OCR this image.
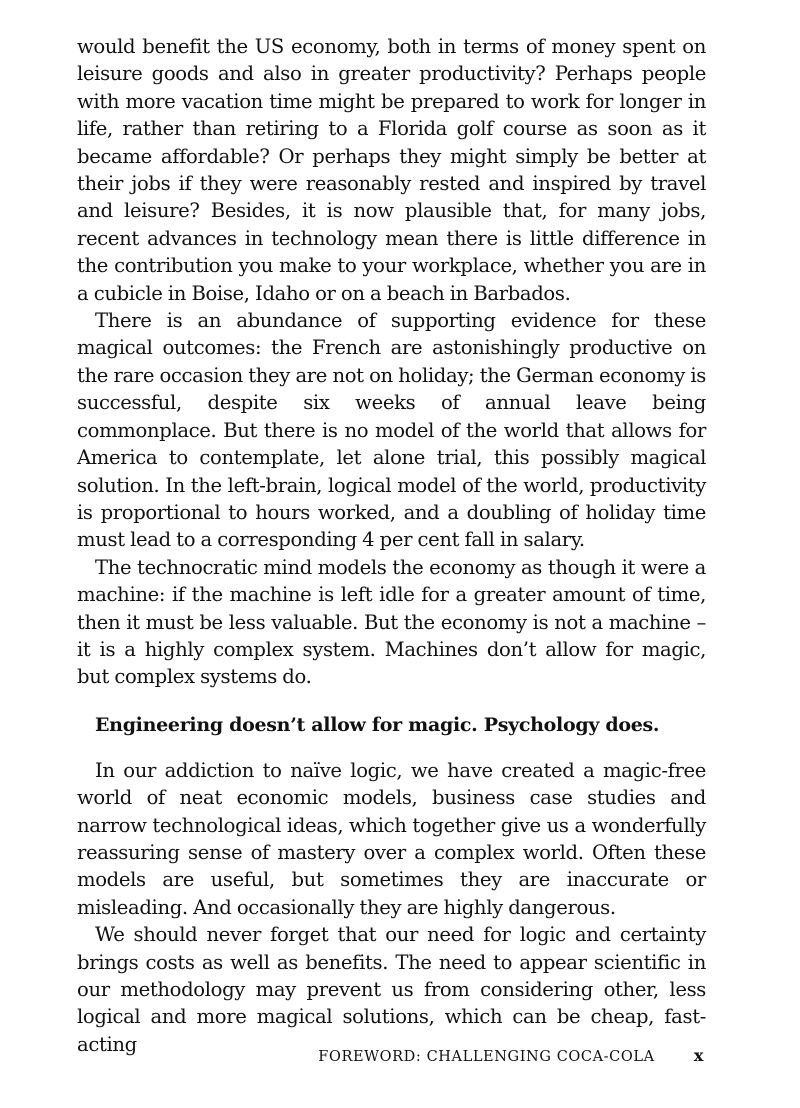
would benefit the US economy, both in terms of money spent on leisure goods and also in greater productivity? Perhaps people with more vacation time might be prepared to work for longer in life, rather than retiring to a Florida golf course as soon as it became affordable? Or perhaps they might simply be better at their jobs if they were reasonably rested and inspired by travel and leisure? Besides, it is now plausible that, for many jobs, recent advances in technology mean there is little difference in the contribution you make to your workplace, whether you are in a cubicle in Boise, Idaho or on a beach in Barbados.

There is an abundance of supporting evidence for these magical outcomes: the French are astonishingly productive on the rare occasion they are not on holiday; the German economy is successful, despite six weeks of annual leave being commonplace. But there is no model of the world that allows for America to contemplate, let alone trial, this possibly magical solution. In the left-brain, logical model of the world, productivity is proportional to hours worked, and a doubling of holiday time must lead to a corresponding 4 per cent fall in salary.

The technocratic mind models the economy as though it were a machine: if the machine is left idle for a greater amount of time, then it must be less valuable. But the economy is not a machine – it is a highly complex system. Machines don’t allow for magic, but complex systems do.

Engineering doesn’t allow for magic. Psychology does.

In our addiction to naïve logic, we have created a magic-free world of neat economic models, business case studies and narrow technological ideas, which together give us a wonderfully reassuring sense of mastery over a complex world. Often these models are useful, but sometimes they are inaccurate or misleading. And occasionally they are highly dangerous.

We should never forget that our need for logic and certainty brings costs as well as benefits. The need to appear scientific in our methodology may prevent us from considering other, less logical and more magical solutions, which can be cheap, fast-acting

FOREWORD: CHALLENGING COCA-COLA x
